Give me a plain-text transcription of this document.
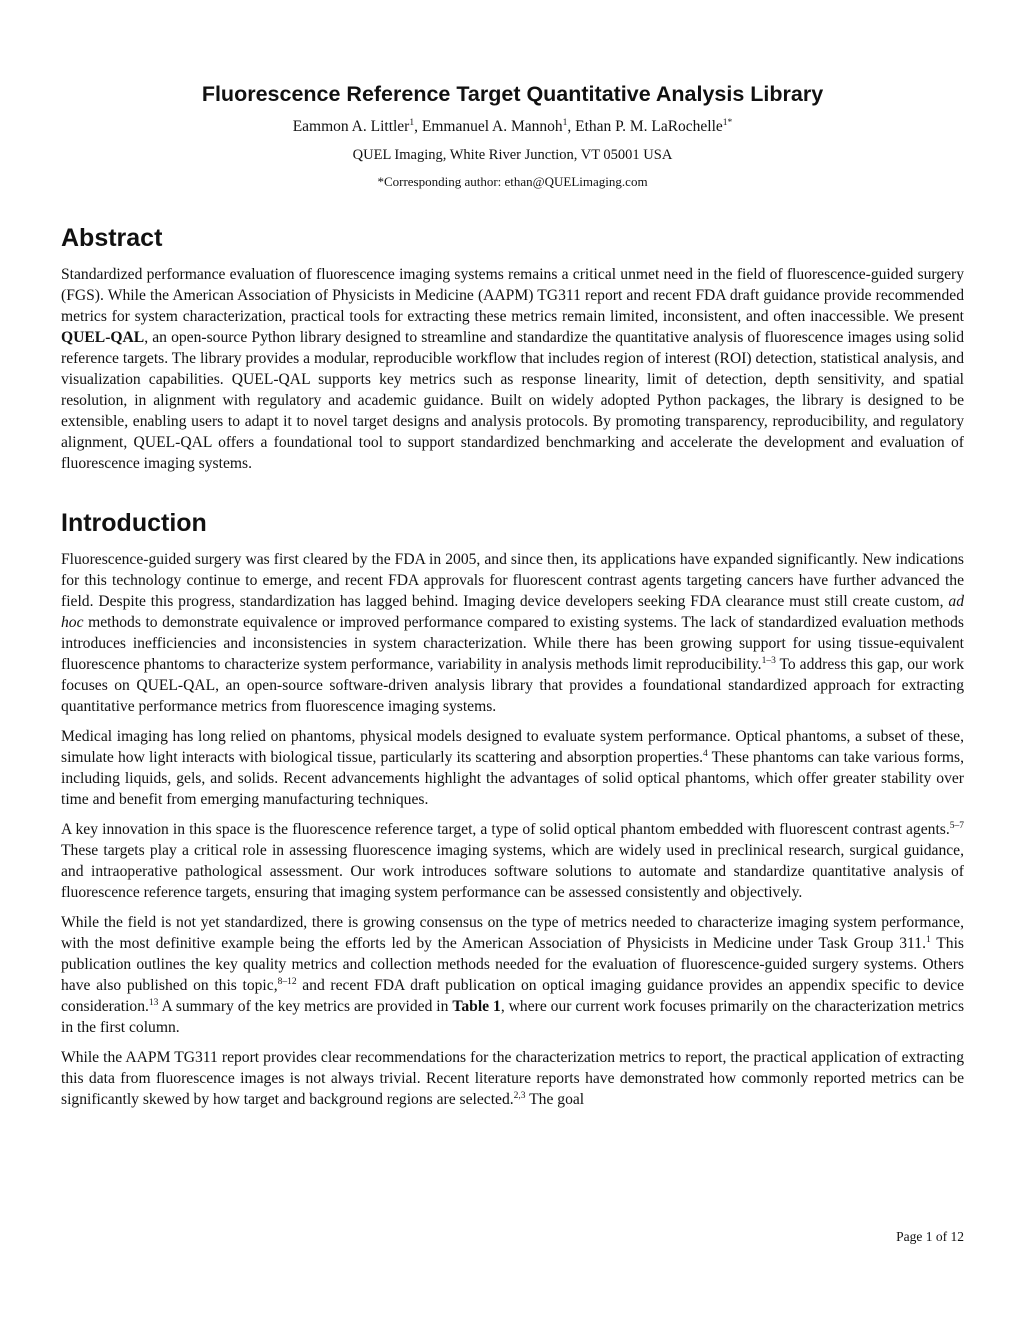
Fluorescence Reference Target Quantitative Analysis Library

Eammon A. Littler$^1$, Emmanuel A. Mannoh$^1$, Ethan P. M. LaRochelle$^{1*}$

QUEL Imaging, White River Junction, VT 05001 USA

*Corresponding author: ethan@QUELimaging.com

Abstract

Standardized performance evaluation of fluorescence imaging systems remains a critical unmet need in the field of fluorescence-guided surgery (FGS). While the American Association of Physicists in Medicine (AAPM) TG311 report and recent FDA draft guidance provide recommended metrics for system characterization, practical tools for extracting these metrics remain limited, inconsistent, and often inaccessible. We present QUEL-QAL, an open-source Python library designed to streamline and standardize the quantitative analysis of fluorescence images using solid reference targets. The library provides a modular, reproducible workflow that includes region of interest (ROI) detection, statistical analysis, and visualization capabilities. QUEL-QAL supports key metrics such as response linearity, limit of detection, depth sensitivity, and spatial resolution, in alignment with regulatory and academic guidance. Built on widely adopted Python packages, the library is designed to be extensible, enabling users to adapt it to novel target designs and analysis protocols. By promoting transparency, reproducibility, and regulatory alignment, QUEL-QAL offers a foundational tool to support standardized benchmarking and accelerate the development and evaluation of fluorescence imaging systems.

Introduction

Fluorescence-guided surgery was first cleared by the FDA in 2005, and since then, its applications have expanded significantly. New indications for this technology continue to emerge, and recent FDA approvals for fluorescent contrast agents targeting cancers have further advanced the field. Despite this progress, standardization has lagged behind. Imaging device developers seeking FDA clearance must still create custom, ad hoc methods to demonstrate equivalence or improved performance compared to existing systems. The lack of standardized evaluation methods introduces inefficiencies and inconsistencies in system characterization. While there has been growing support for using tissue-equivalent fluorescence phantoms to characterize system performance, variability in analysis methods limit reproducibility.$^{1-3}$ To address this gap, our work focuses on QUEL-QAL, an open-source software-driven analysis library that provides a foundational standardized approach for extracting quantitative performance metrics from fluorescence imaging systems.

Medical imaging has long relied on phantoms, physical models designed to evaluate system performance. Optical phantoms, a subset of these, simulate how light interacts with biological tissue, particularly its scattering and absorption properties.$^4$ These phantoms can take various forms, including liquids, gels, and solids. Recent advancements highlight the advantages of solid optical phantoms, which offer greater stability over time and benefit from emerging manufacturing techniques.

A key innovation in this space is the fluorescence reference target, a type of solid optical phantom embedded with fluorescent contrast agents.$^{5-7}$ These targets play a critical role in assessing fluorescence imaging systems, which are widely used in preclinical research, surgical guidance, and intraoperative pathological assessment. Our work introduces software solutions to automate and standardize quantitative analysis of fluorescence reference targets, ensuring that imaging system performance can be assessed consistently and objectively.

While the field is not yet standardized, there is growing consensus on the type of metrics needed to characterize imaging system performance, with the most definitive example being the efforts led by the American Association of Physicists in Medicine under Task Group 311.$^1$ This publication outlines the key quality metrics and collection methods needed for the evaluation of fluorescence-guided surgery systems. Others have also published on this topic,$^{8-12}$ and recent FDA draft publication on optical imaging guidance provides an appendix specific to device consideration.$^{13}$ A summary of the key metrics are provided in Table 1, where our current work focuses primarily on the characterization metrics in the first column.

While the AAPM TG311 report provides clear recommendations for the characterization metrics to report, the practical application of extracting this data from fluorescence images is not always trivial. Recent literature reports have demonstrated how commonly reported metrics can be significantly skewed by how target and background regions are selected.$^{2,3}$ The goal

Page 1 of 12
